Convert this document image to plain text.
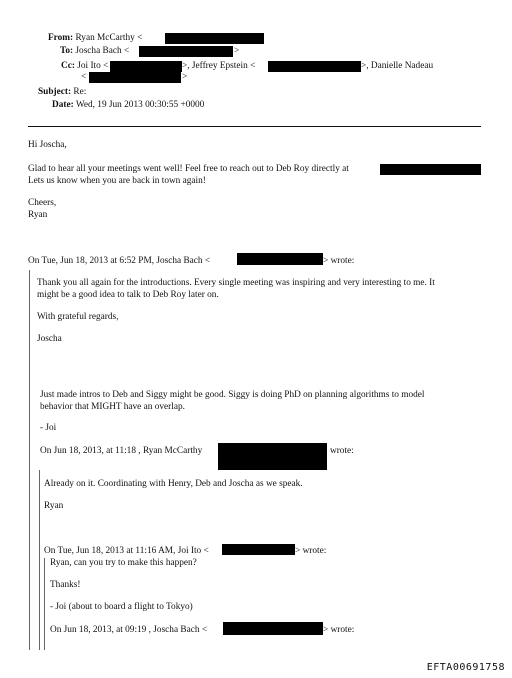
From: Ryan McCarthy <
To: Joscha Bach <	>
Cc: Joi Ito <	>, Jeffrey Epstein <	>, Danielle Nadeau
<	>
Subject: Re:
Date: Wed, 19 Jun 2013 00:30:55 +0000
Hi Joscha,
Glad to hear all your meetings went well! Feel free to reach out to Deb Roy directly at
Lets us know when you are back in town again!
Cheers,
Ryan
On Tue, Jun 18, 2013 at 6:52 PM, Joscha Bach <	> wrote:
Thank you all again for the introductions. Every single meeting was inspiring and very interesting to me. It
might be a good idea to talk to Deb Roy later on.
With grateful regards,
Joscha
Just made intros to Deb and Siggy might be good. Siggy is doing PhD on planning algorithms to model
behavior that MIGHT have an overlap.
- Joi
On Jun 18, 2013, at 11:18 , Ryan McCarthy	wrote:
Already on it. Coordinating with Henry, Deb and Joscha as we speak.
Ryan
On Tue, Jun 18, 2013 at 11:16 AM, Joi Ito <	> wrote:
Ryan, can you try to make this happen?
Thanks!
- Joi (about to board a flight to Tokyo)
On Jun 18, 2013, at 09:19 , Joscha Bach <	> wrote:
EFTA00691758
